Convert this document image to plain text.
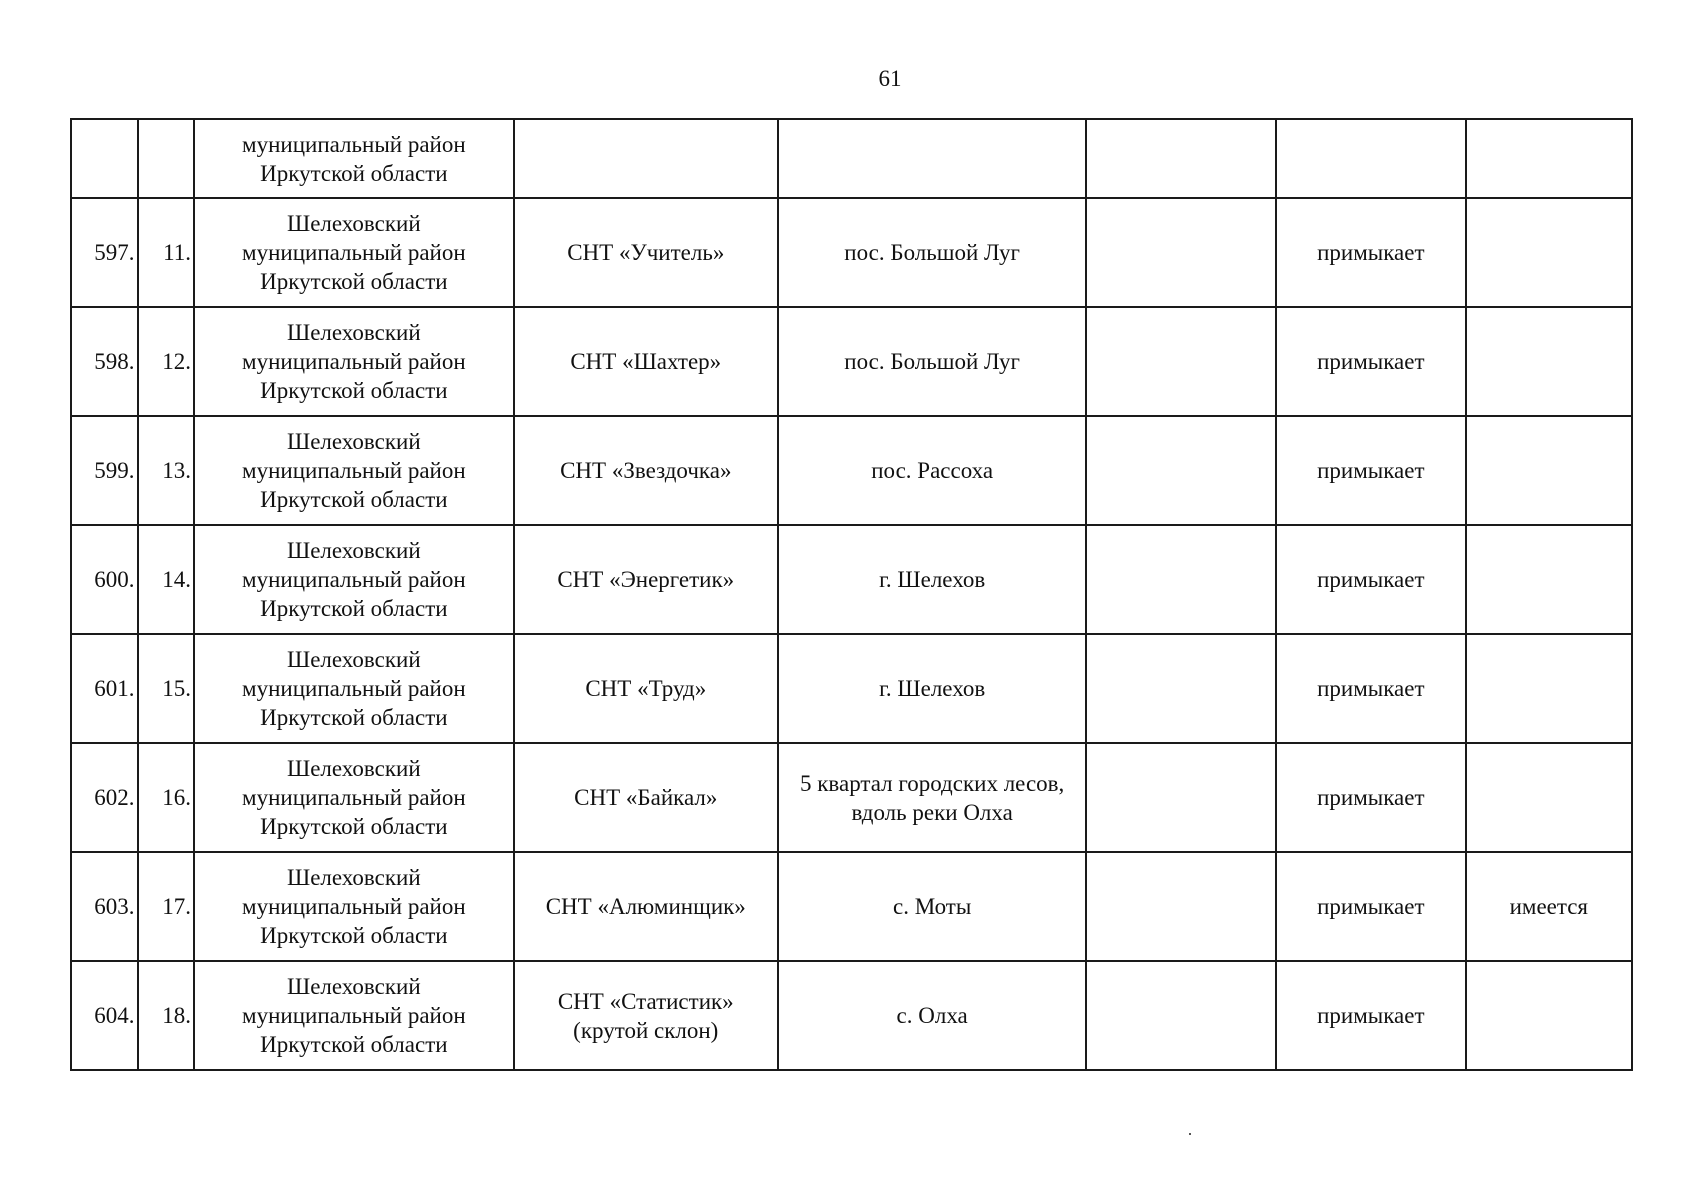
61
		муниципальный район
Иркутской области					
597.	11.	Шелеховский
муниципальный район
Иркутской области	СНТ «Учитель»	пос. Большой Луг		примыкает	
598.	12.	Шелеховский
муниципальный район
Иркутской области	СНТ «Шахтер»	пос. Большой Луг		примыкает	
599.	13.	Шелеховский
муниципальный район
Иркутской области	СНТ «Звездочка»	пос. Рассоха		примыкает	
600.	14.	Шелеховский
муниципальный район
Иркутской области	СНТ «Энергетик»	г. Шелехов		примыкает	
601.	15.	Шелеховский
муниципальный район
Иркутской области	СНТ «Труд»	г. Шелехов		примыкает	
602.	16.	Шелеховский
муниципальный район
Иркутской области	СНТ «Байкал»	5 квартал городских лесов,
вдоль реки Олха		примыкает	
603.	17.	Шелеховский
муниципальный район
Иркутской области	СНТ «Алюминщик»	с. Моты		примыкает	имеется
604.	18.	Шелеховский
муниципальный район
Иркутской области	СНТ «Статистик»
(крутой склон)	с. Олха		примыкает	
